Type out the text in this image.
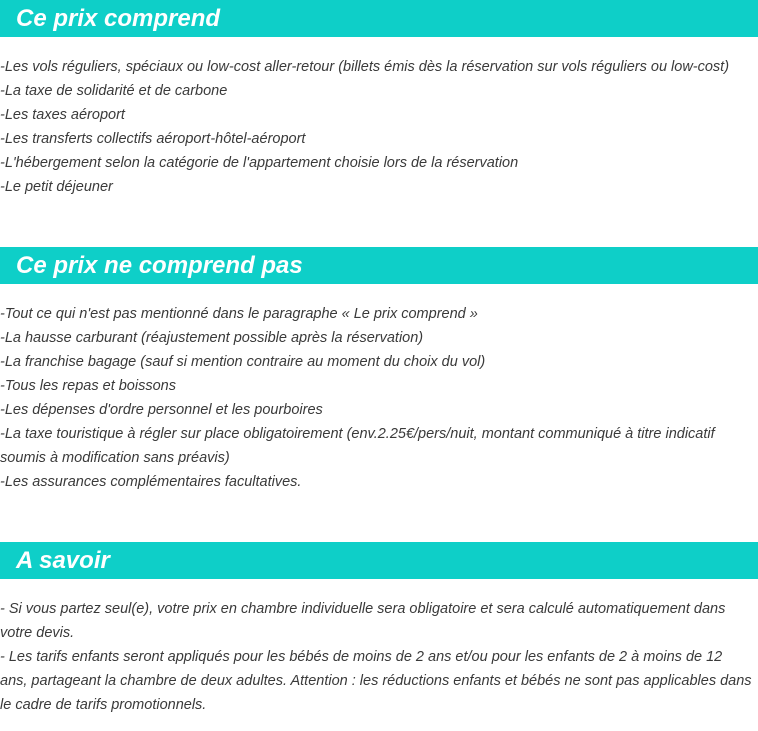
Ce prix comprend
-Les vols réguliers, spéciaux ou low-cost aller-retour (billets émis dès la réservation sur vols réguliers ou low-cost)
-La taxe de solidarité et de carbone
-Les taxes aéroport
-Les transferts collectifs aéroport-hôtel-aéroport
-L'hébergement selon la catégorie de l'appartement choisie lors de la réservation
-Le petit déjeuner
Ce prix ne comprend pas
-Tout ce qui n'est pas mentionné dans le paragraphe « Le prix comprend »
-La hausse carburant (réajustement possible après la réservation)
-La franchise bagage (sauf si mention contraire au moment du choix du vol)
-Tous les repas et boissons
-Les dépenses d'ordre personnel et les pourboires
-La taxe touristique à régler sur place obligatoirement (env.2.25€/pers/nuit, montant communiqué à titre indicatif soumis à modification sans préavis)
-Les assurances complémentaires facultatives.
A savoir
- Si vous partez seul(e), votre prix en chambre individuelle sera obligatoire et sera calculé automatiquement dans votre devis.
- Les tarifs enfants seront appliqués pour les bébés de moins de 2 ans et/ou pour les enfants de 2 à moins de 12 ans, partageant la chambre de deux adultes. Attention : les réductions enfants et bébés ne sont pas applicables dans le cadre de tarifs promotionnels.
